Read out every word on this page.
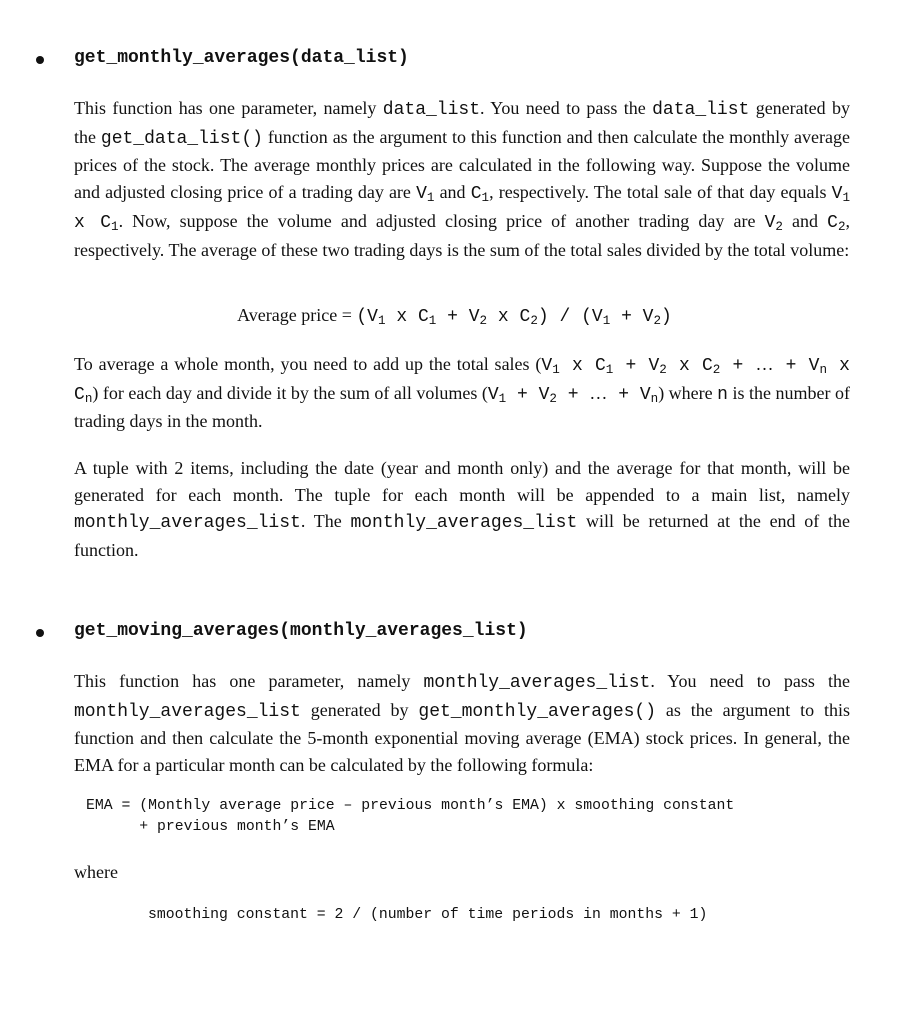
get_monthly_averages(data_list)

This function has one parameter, namely data_list. You need to pass the data_list generated by the get_data_list() function as the argument to this function and then calculate the monthly average prices of the stock. The average monthly prices are calculated in the following way. Suppose the volume and adjusted closing price of a trading day are $V_1$ and $C_1$, respectively. The total sale of that day equals $V_1$ x $C_1$. Now, suppose the volume and adjusted closing price of another trading day are $V_2$ and $C_2$, respectively. The average of these two trading days is the sum of the total sales divided by the total volume:

Average price = ($V_1$ x $C_1 + V_2$ x $C_2) / (V_1 + V_2)$

To average a whole month, you need to add up the total sales ($V_1$ x $C_1 + V_2$ x $C_2$ + … + $V_n$ x $C_n$) for each day and divide it by the sum of all volumes ($V_1 + V_2$ + … + $V_n$) where n is the number of trading days in the month.

A tuple with 2 items, including the date (year and month only) and the average for that month, will be generated for each month. The tuple for each month will be appended to a main list, namely monthly_averages_list. The monthly_averages_list will be returned at the end of the function.

get_moving_averages(monthly_averages_list)

This function has one parameter, namely monthly_averages_list. You need to pass the monthly_averages_list generated by get_monthly_averages() as the argument to this function and then calculate the 5-month exponential moving average (EMA) stock prices. In general, the EMA for a particular month can be calculated by the following formula:

EMA = (Monthly average price – previous month’s EMA) x smoothing constant
+ previous month’s EMA
where
smoothing constant = 2 / (number of time periods in months + 1)
